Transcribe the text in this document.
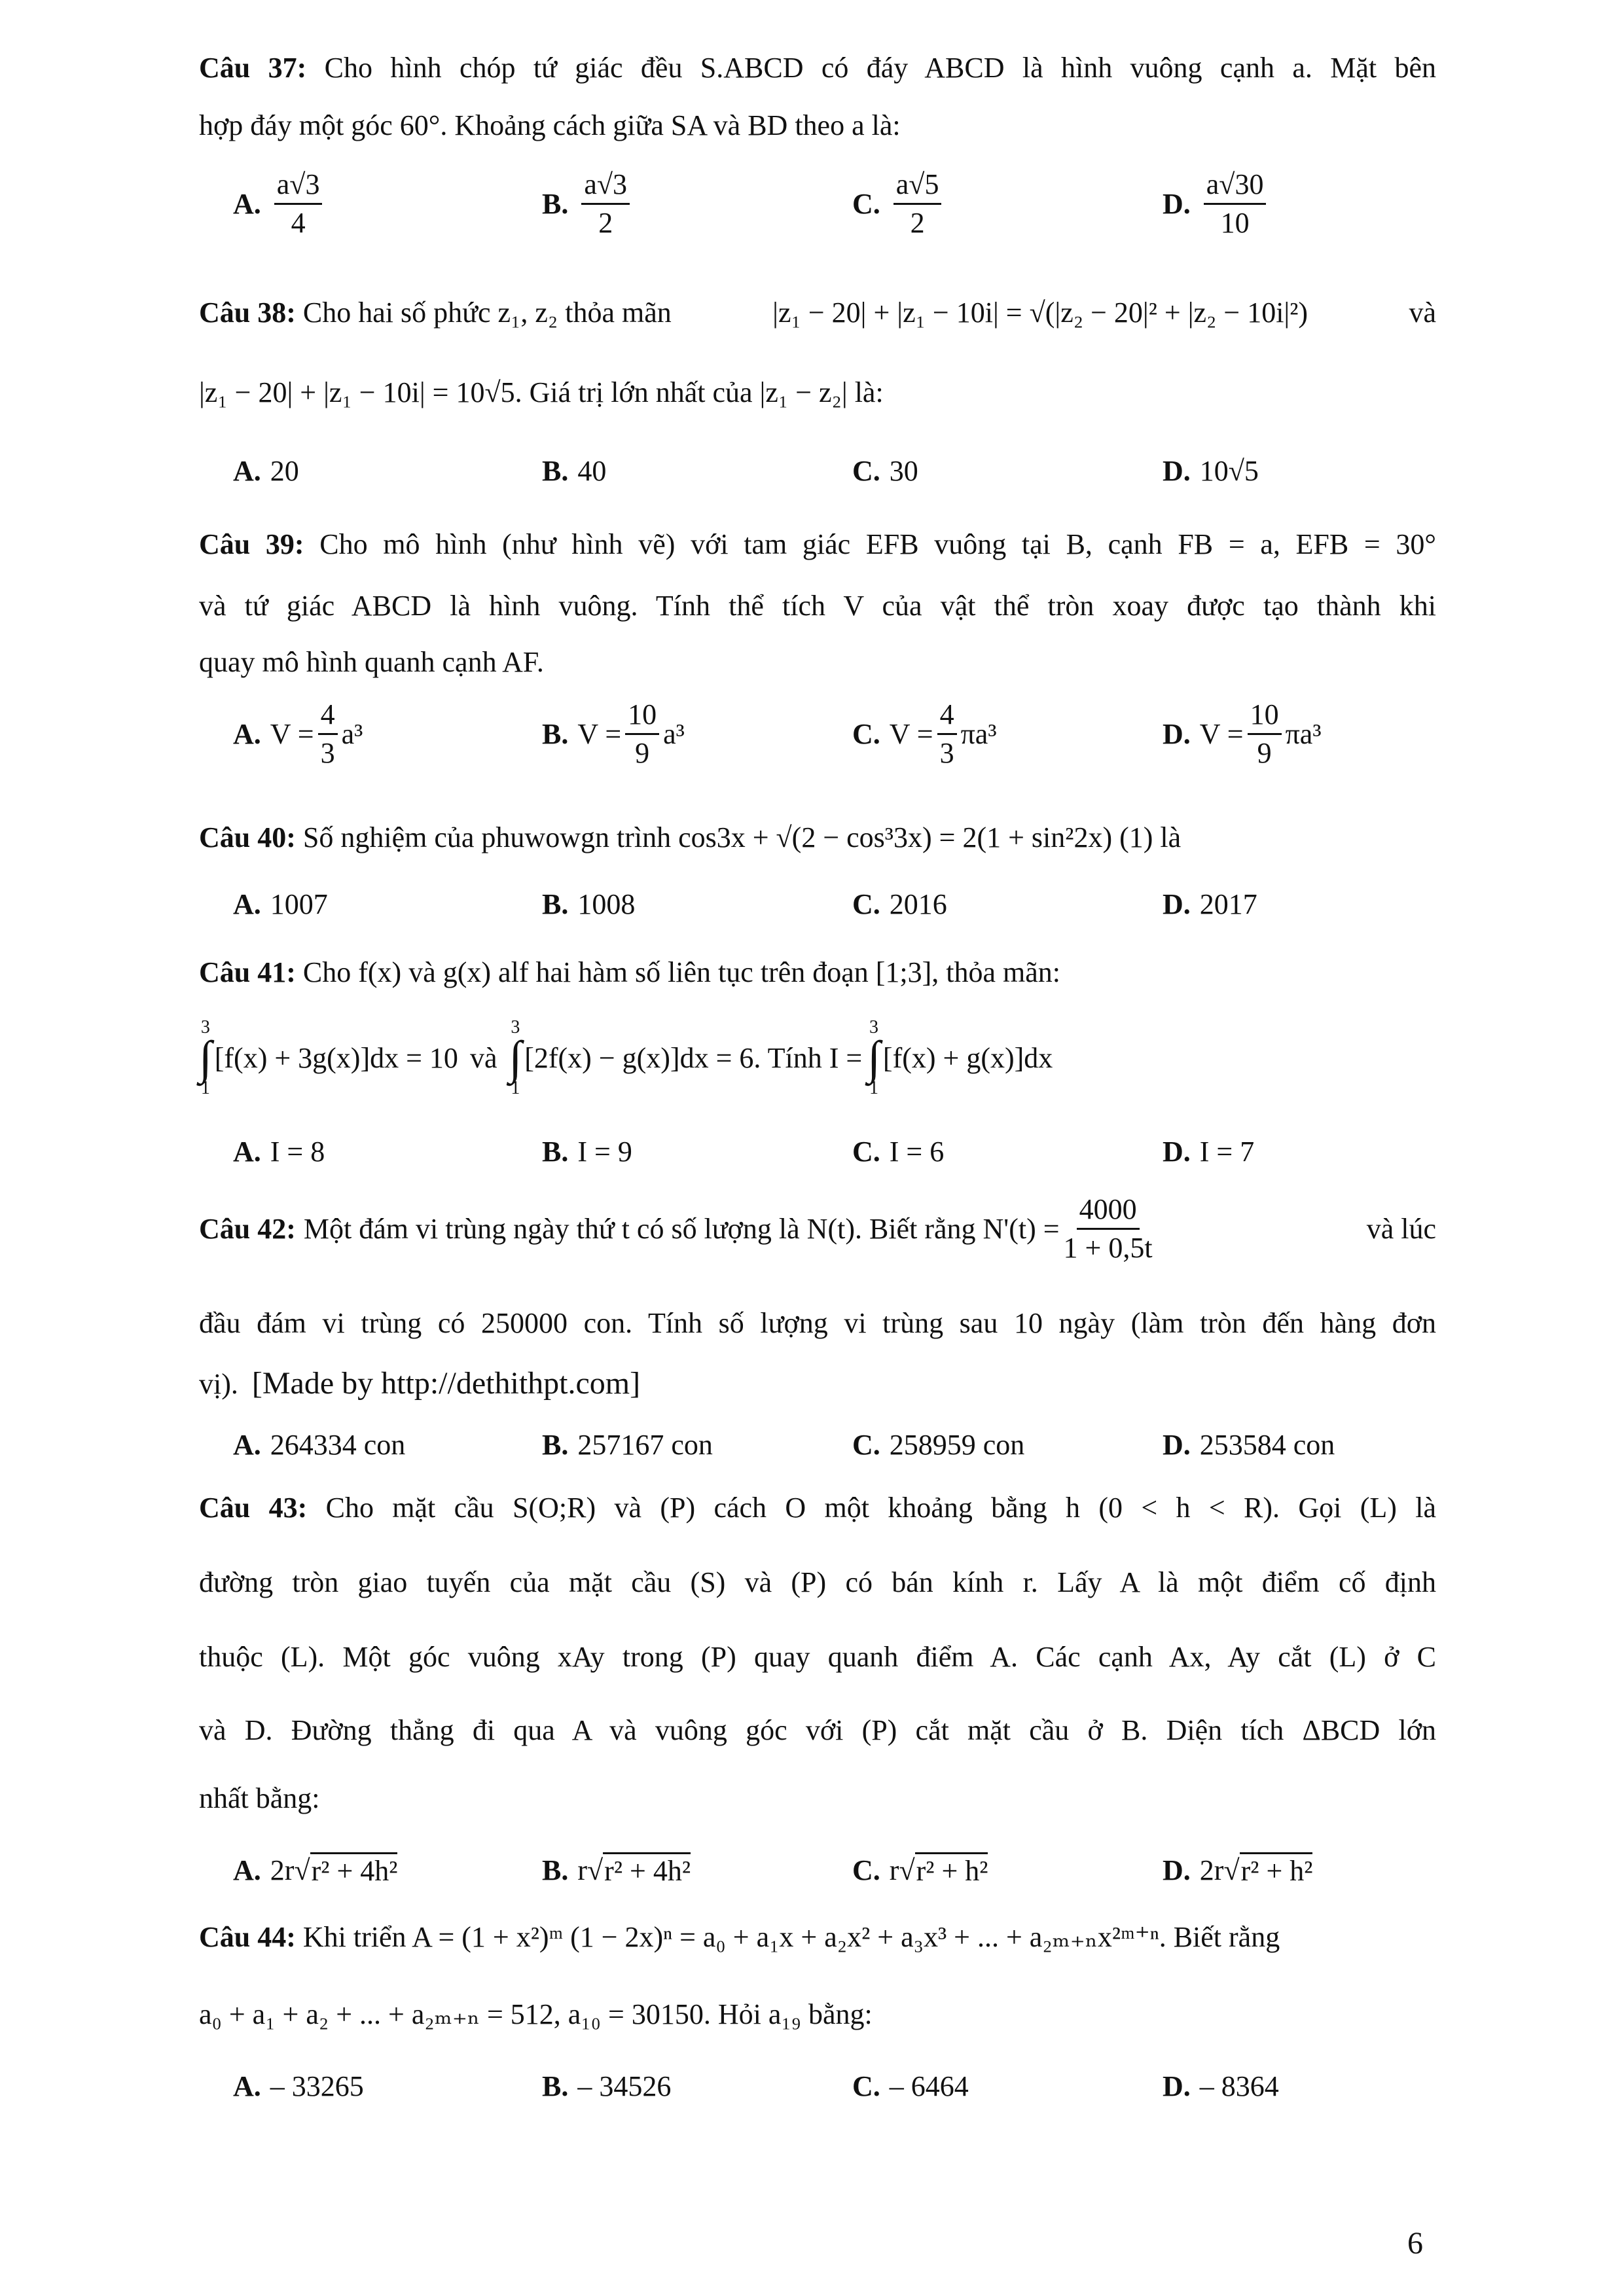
Câu 37: Cho hình chóp tứ giác đều S.ABCD có đáy ABCD là hình vuông cạnh a. Mặt bên
hợp đáy một góc 60°. Khoảng cách giữa SA và BD theo a là:
A. $\frac{a√3}{4}$	B. $\frac{a√3}{2}$	C. $\frac{a√5}{2}$	D. $\frac{a√30}{10}$
Câu 38: Cho hai số phức z₁, z₂ thỏa mãn	|z₁ − 20| + |z₁ − 10i| = √(|z₂ − 20|² + |z₂ − 10i|²)	và
|z₁ − 20| + |z₁ − 10i| = 10√5. Giá trị lớn nhất của |z₁ − z₂| là:
A. 20	B. 40	C. 30	D. 10√5
Câu 39: Cho mô hình (như hình vẽ) với tam giác EFB vuông tại B, cạnh FB = a, EFB = 30°
và tứ giác ABCD là hình vuông. Tính thể tích V của vật thể tròn xoay được tạo thành khi
quay mô hình quanh cạnh AF.
A. $V = \frac{4}{3} a^3$	B. $V = \frac{10}{9} a^3$	C. $V = \frac{4}{3} \pi a^3$	D. $V = \frac{10}{9} \pi a^3$
Câu 40: Số nghiệm của phuwowgn trình cos3x + √(2 − cos³3x) = 2(1 + sin²2x) (1) là
A. 1007	B. 1008	C. 2016	D. 2017
Câu 41: Cho f(x) và g(x) alf hai hàm số liên tục trên đoạn [1;3], thỏa mãn:
3
∫
1
[f(x) + 3g(x)]dx = 10 và
3
∫
1
[2f(x) − g(x)]dx = 6 . Tính I =
3
∫
1
[f(x) + g(x)]dx
A. I = 8	B. I = 9	C. I = 6	D. I = 7
Câu 42: Một đám vi trùng ngày thứ t có số lượng là N(t). Biết rằng $N'(t) = \frac{4000}{1 + 0,5t}$	và lúc
đầu đám vi trùng có 250000 con. Tính số lượng vi trùng sau 10 ngày (làm tròn đến hàng đơn
vị). [Made by http://dethithpt.com]
A. 264334 con	B. 257167 con	C. 258959 con	D. 253584 con
Câu 43: Cho mặt cầu S(O;R) và (P) cách O một khoảng bằng h (0 < h < R). Gọi (L) là
đường tròn giao tuyến của mặt cầu (S) và (P) có bán kính r. Lấy A là một điểm cố định
thuộc (L). Một góc vuông xAy trong (P) quay quanh điểm A. Các cạnh Ax, Ay cắt (L) ở C
và D. Đường thẳng đi qua A và vuông góc với (P) cắt mặt cầu ở B. Diện tích ΔBCD lớn
nhất bằng:
A. 2r √ r² + 4h²	B. r √ r² + 4h²	C. r √ r² + h²	D. 2r √ r² + h²
Câu 44: Khi triển A = (1 + x²)ᵐ (1 − 2x)ⁿ = a₀ + a₁x + a₂x² + a₃x³ + ... + a₂ₘ₊ₙx²ᵐ⁺ⁿ. Biết rằng
a₀ + a₁ + a₂ + ... + a₂ₘ₊ₙ = 512, a₁₀ = 30150. Hỏi a₁₉ bằng:
A. – 33265	B. – 34526	C. – 6464	D. – 8364
6
